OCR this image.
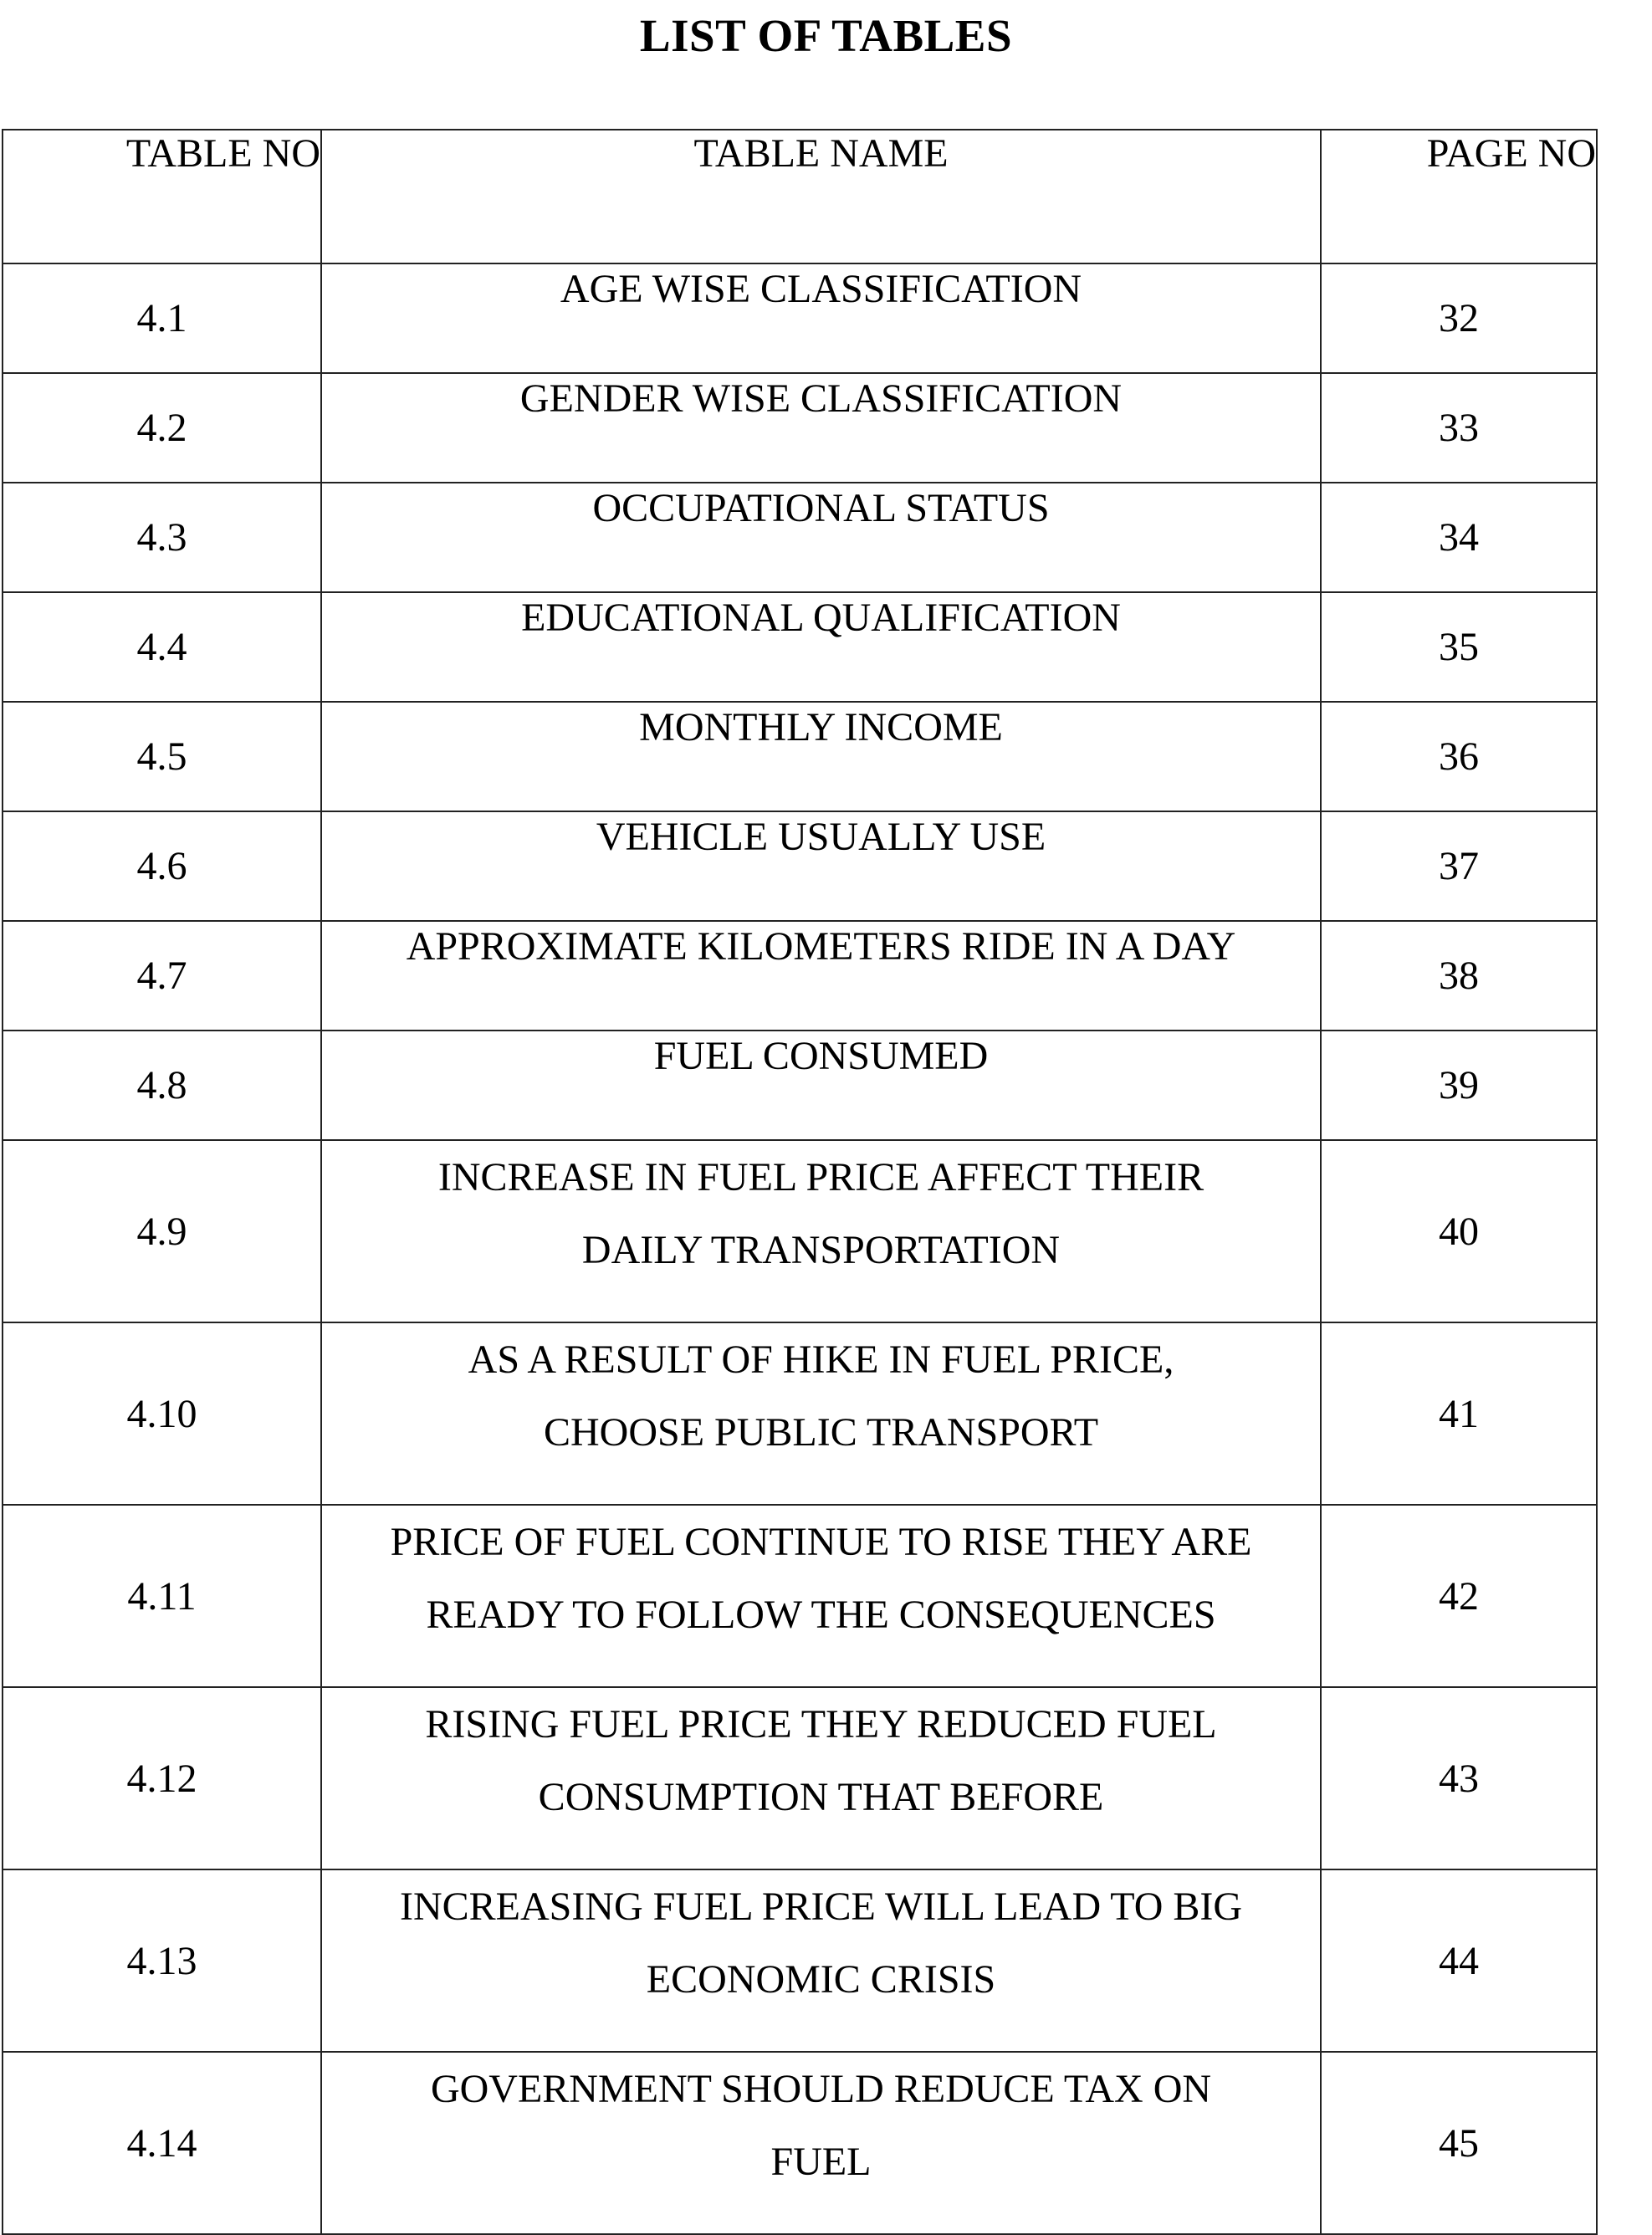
LIST OF TABLES
TABLE NO	TABLE NAME	PAGE NO
4.1	AGE WISE CLASSIFICATION	32
4.2	GENDER WISE CLASSIFICATION	33
4.3	OCCUPATIONAL STATUS	34
4.4	EDUCATIONAL QUALIFICATION	35
4.5	MONTHLY INCOME	36
4.6	VEHICLE USUALLY USE	37
4.7	APPROXIMATE KILOMETERS RIDE IN A DAY	38
4.8	FUEL CONSUMED	39
4.9	INCREASE IN FUEL PRICE AFFECT THEIR
DAILY TRANSPORTATION	40
4.10	AS A RESULT OF HIKE IN FUEL PRICE,
CHOOSE PUBLIC TRANSPORT	41
4.11	PRICE OF FUEL CONTINUE TO RISE THEY ARE
READY TO FOLLOW THE CONSEQUENCES	42
4.12	RISING FUEL PRICE THEY REDUCED FUEL
CONSUMPTION THAT BEFORE	43
4.13	INCREASING FUEL PRICE WILL LEAD TO BIG
ECONOMIC CRISIS	44
4.14	GOVERNMENT SHOULD REDUCE TAX ON
FUEL	45
